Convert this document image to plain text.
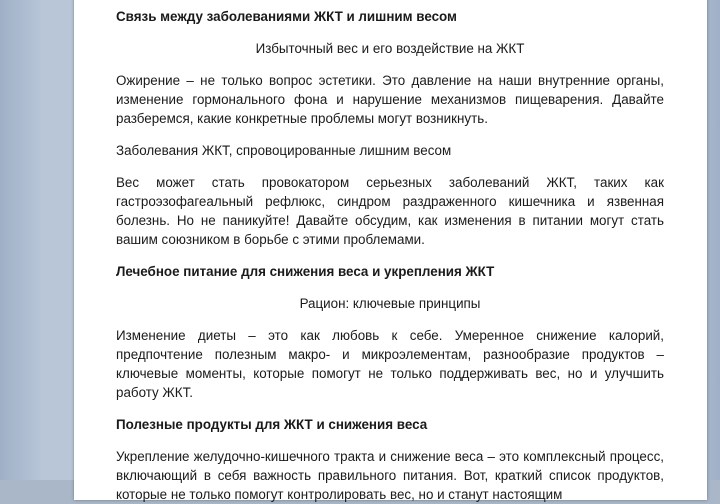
Связь между заболеваниями ЖКТ и лишним весом

Избыточный вес и его воздействие на ЖКТ

Ожирение – не только вопрос эстетики. Это давление на наши внутренние органы, изменение гормонального фона и нарушение механизмов пищеварения. Давайте разберемся, какие конкретные проблемы могут возникнуть.

Заболевания ЖКТ, спровоцированные лишним весом

Вес может стать провокатором серьезных заболеваний ЖКТ, таких как гастроэзофагеальный рефлюкс, синдром раздраженного кишечника и язвенная болезнь. Но не паникуйте! Давайте обсудим, как изменения в питании могут стать вашим союзником в борьбе с этими проблемами.

Лечебное питание для снижения веса и укрепления ЖКТ

Рацион: ключевые принципы

Изменение диеты – это как любовь к себе. Умеренное снижение калорий, предпочтение полезным макро- и микроэлементам, разнообразие продуктов – ключевые моменты, которые помогут не только поддерживать вес, но и улучшить работу ЖКТ.

Полезные продукты для ЖКТ и снижения веса

Укрепление желудочно-кишечного тракта и снижение веса – это комплексный процесс, включающий в себя важность правильного питания. Вот, краткий список продуктов, которые не только помогут контролировать вес, но и станут настоящим
